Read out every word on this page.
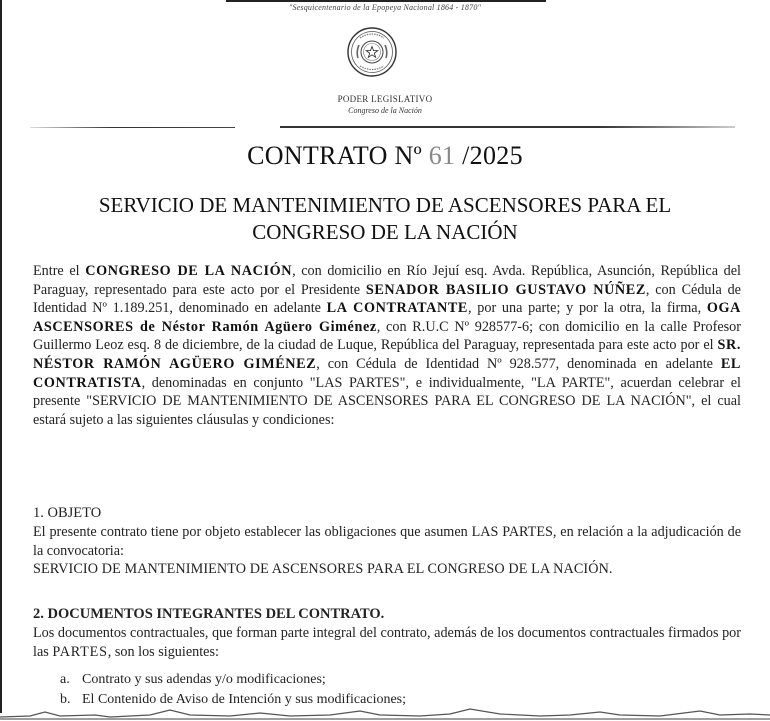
"Sesquicentenario de la Epopeya Nacional 1864 - 1870"
PODER LEGISLATIVO
Congreso de la Nación
CONTRATO Nº 61 /2025
SERVICIO DE MANTENIMIENTO DE ASCENSORES PARA EL
CONGRESO DE LA NACIÓN
Entre el CONGRESO DE LA NACIÓN, con domicilio en Río Jejuí esq. Avda. República, Asunción, República del Paraguay, representado para este acto por el Presidente SENADOR BASILIO GUSTAVO NÚÑEZ, con Cédula de Identidad Nº 1.189.251, denominado en adelante LA CONTRATANTE, por una parte; y por la otra, la firma, OGA ASCENSORES de Néstor Ramón Agüero Giménez, con R.U.C Nº 928577-6; con domicilio en la calle Profesor Guillermo Leoz esq. 8 de diciembre, de la ciudad de Luque, República del Paraguay, representada para este acto por el SR. NÉSTOR RAMÓN AGÜERO GIMÉNEZ, con Cédula de Identidad Nº 928.577, denominada en adelante EL CONTRATISTA, denominadas en conjunto "LAS PARTES", e individualmente, "LA PARTE", acuerdan celebrar el presente "SERVICIO DE MANTENIMIENTO DE ASCENSORES PARA EL CONGRESO DE LA NACIÓN", el cual estará sujeto a las siguientes cláusulas y condiciones:
1. OBJETO
El presente contrato tiene por objeto establecer las obligaciones que asumen LAS PARTES, en relación a la adjudicación de la convocatoria:
SERVICIO DE MANTENIMIENTO DE ASCENSORES PARA EL CONGRESO DE LA NACIÓN.
2. DOCUMENTOS INTEGRANTES DEL CONTRATO.
Los documentos contractuales, que forman parte integral del contrato, además de los documentos contractuales firmados por las PARTES, son los siguientes:
a. Contrato y sus adendas y/o modificaciones;
b. El Contenido de Aviso de Intención y sus modificaciones;
